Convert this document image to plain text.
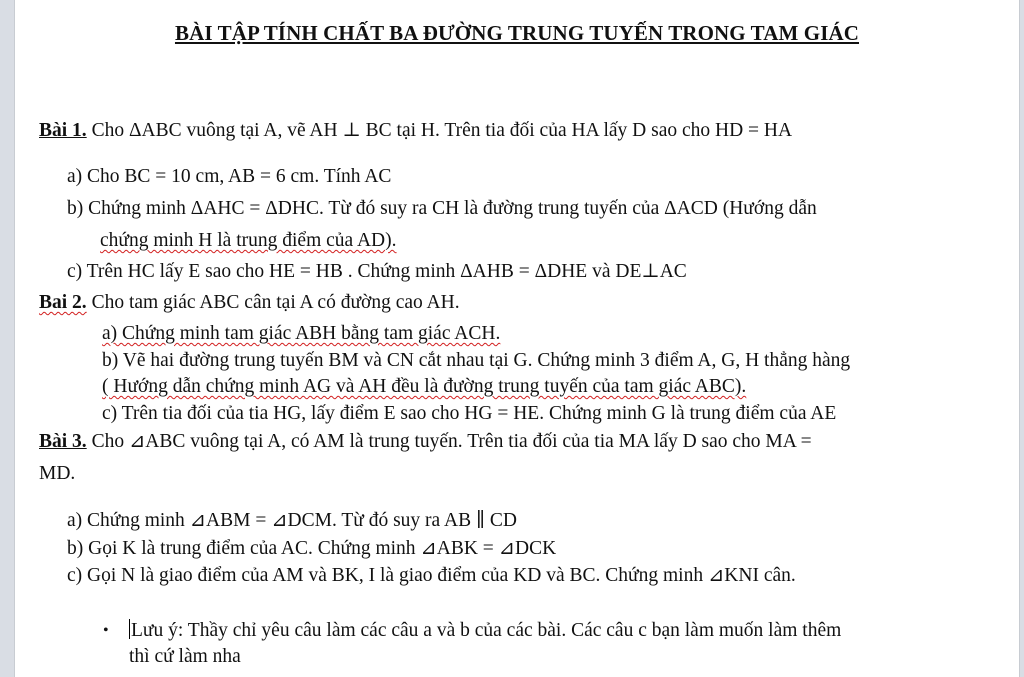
BÀI TẬP TÍNH CHẤT BA ĐƯỜNG TRUNG TUYẾN TRONG TAM GIÁC
Bài 1. Cho ΔABC vuông tại A, vẽ AH ⊥ BC tại H. Trên tia đối của HA lấy D sao cho HD = HA
a) Cho BC = 10 cm, AB = 6 cm. Tính AC
b) Chứng minh ΔAHC = ΔDHC. Từ đó suy ra CH là đường trung tuyến của ΔACD (Hướng dẫn
chứng minh H là trung điểm của AD).
c) Trên HC lấy E sao cho HE = HB . Chứng minh ΔAHB = ΔDHE và DE⊥AC
Bai 2. Cho tam giác ABC cân tại A có đường cao AH.
a) Chứng minh tam giác ABH bằng tam giác ACH.
b) Vẽ hai đường trung tuyến BM và CN cắt nhau tại G. Chứng minh 3 điểm A, G, H thẳng hàng
( Hướng dẫn chứng minh AG và AH đều là đường trung tuyến của tam giác ABC).
c) Trên tia đối của tia HG, lấy điểm E sao cho HG = HE. Chứng minh G là trung điểm của AE
Bài 3. Cho ⊿ABC vuông tại A, có AM là trung tuyến. Trên tia đối của tia MA lấy D sao cho MA =
MD.
a) Chứng minh ⊿ABM = ⊿DCM. Từ đó suy ra AB ∥ CD
b) Gọi K là trung điểm của AC. Chứng minh ⊿ABK = ⊿DCK
c) Gọi N là giao điểm của AM và BK, I là giao điểm của KD và BC. Chứng minh ⊿KNI cân.
• Lưu ý: Thầy chỉ yêu câu làm các câu a và b của các bài. Các câu c bạn làm muốn làm thêm
thì cứ làm nha
